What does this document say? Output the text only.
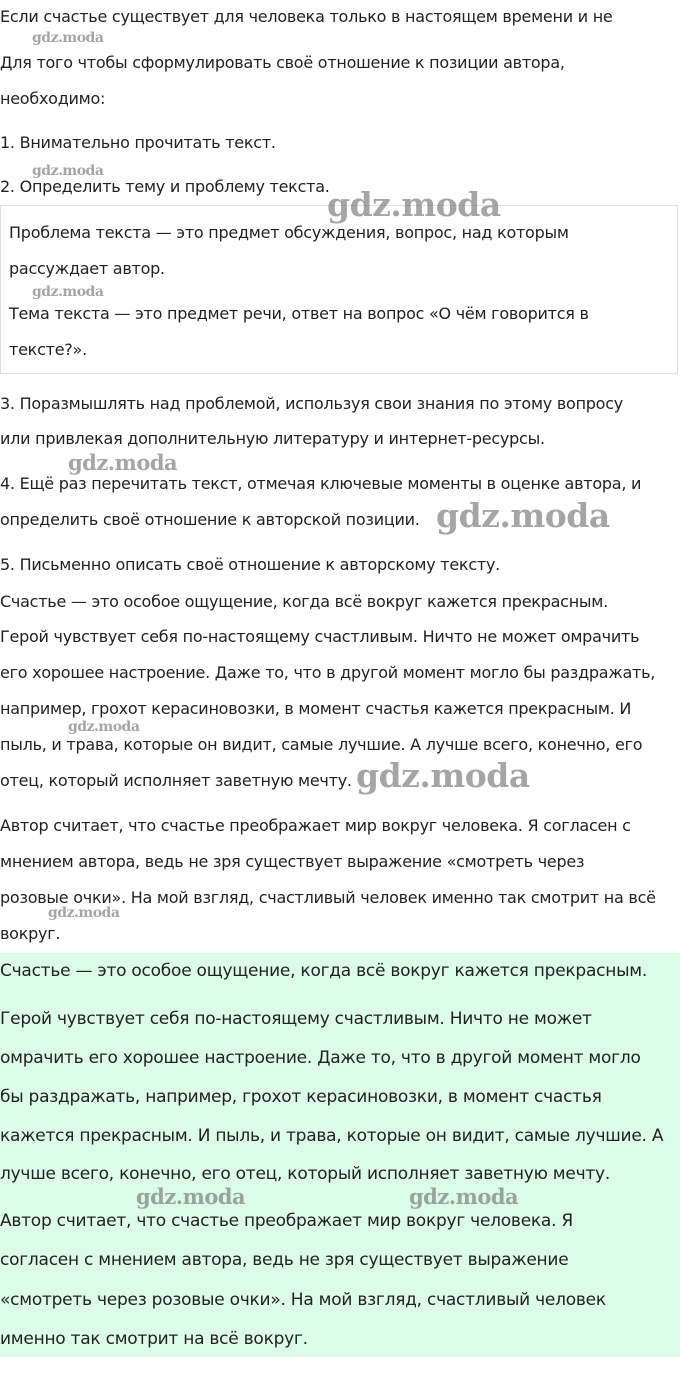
Если счастье существует для человека только в настоящем времени и не
Для того чтобы сформулировать своё отношение к позиции автора,
необходимо:
1. Внимательно прочитать текст.
2. Определить тему и проблему текста.
Проблема текста — это предмет обсуждения, вопрос, над которым
рассуждает автор.
Тема текста — это предмет речи, ответ на вопрос «О чём говорится в
тексте?».
3. Поразмышлять над проблемой, используя свои знания по этому вопросу
или привлекая дополнительную литературу и интернет-ресурсы.
4. Ещё раз перечитать текст, отмечая ключевые моменты в оценке автора, и
определить своё отношение к авторской позиции.
5. Письменно описать своё отношение к авторскому тексту.
Счастье — это особое ощущение, когда всё вокруг кажется прекрасным.
Герой чувствует себя по-настоящему счастливым. Ничто не может омрачить
его хорошее настроение. Даже то, что в другой момент могло бы раздражать,
например, грохот керасиновозки, в момент счастья кажется прекрасным. И
пыль, и трава, которые он видит, самые лучшие. А лучше всего, конечно, его
отец, который исполняет заветную мечту.
Автор считает, что счастье преображает мир вокруг человека. Я согласен с
мнением автора, ведь не зря существует выражение «смотреть через
розовые очки». На мой взгляд, счастливый человек именно так смотрит на всё
вокруг.
Счастье — это особое ощущение, когда всё вокруг кажется прекрасным.
Герой чувствует себя по-настоящему счастливым. Ничто не может
омрачить его хорошее настроение. Даже то, что в другой момент могло
бы раздражать, например, грохот керасиновозки, в момент счастья
кажется прекрасным. И пыль, и трава, которые он видит, самые лучшие. А
лучше всего, конечно, его отец, который исполняет заветную мечту.
Автор считает, что счастье преображает мир вокруг человека. Я
согласен с мнением автора, ведь не зря существует выражение
«смотреть через розовые очки». На мой взгляд, счастливый человек
именно так смотрит на всё вокруг.
gdz.moda
gdz.moda
gdz.moda
gdz.moda
gdz.moda
gdz.moda
gdz.moda
gdz.moda
gdz.moda
gdz.moda	gdz.moda
